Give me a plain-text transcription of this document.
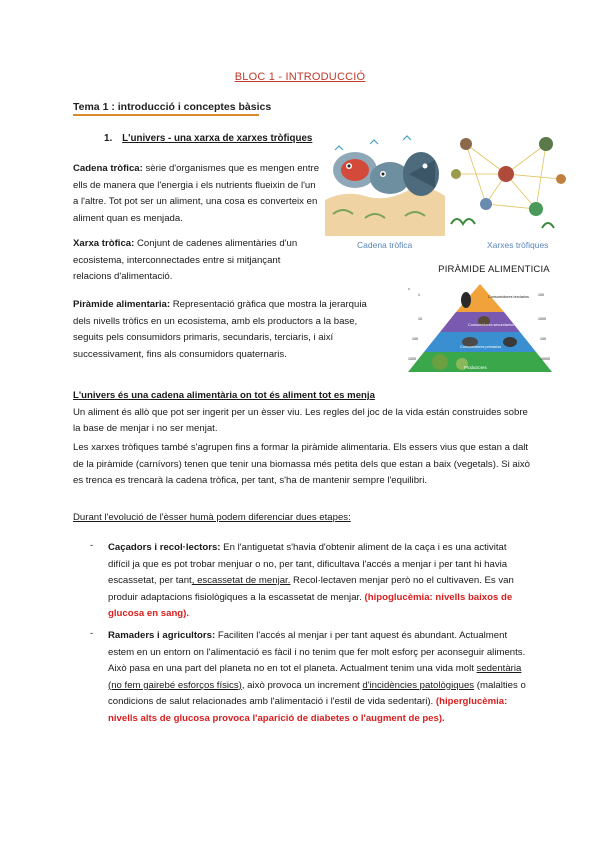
BLOC 1 - INTRODUCCIÓ
Tema 1 : introducció i conceptes bàsics
1. L'univers - una xarxa de xarxes tròfiques
Cadena tròfica: sèrie d'organismes que es mengen entre ells de manera que l'energia i els nutrients flueixin de l'un a l'altre. Tot pot ser un aliment, una cosa es converteix en aliment quan es menjada.
Xarxa tròfica: Conjunt de cadenes alimentàries d'un ecosistema, interconnectades entre si mitjançant relacions d'alimentació.
Piràmide alimentaria: Representació gràfica que mostra la jerarquia dels nivells tròfics en un ecosistema, amb els productors a la base, seguits pels consumidors primaris, secundaris, terciaris, i així successivament, fins als consumidors quaternaris.
Cadena tròfica	Xarxes tròfiques
PIRÀMIDE ALIMENTICIA
x
1
10
100
1000
100
1000
100
10000
Consumidores terciarios
Consumidores secundarios
Consumidores primarios
Productores
L'univers és una cadena alimentària on tot és aliment tot es menja
Un aliment és allò que pot ser ingerit per un èsser viu. Les regles del joc de la vida están construides sobre la base de menjar i no ser menjat.
Les xarxes tròfiques també s'agrupen fins a formar la piràmide alimentaria. Els essers vius que estan a dalt de la piràmide (carnívors) tenen que tenir una biomassa més petita dels que estan a baix (vegetals). Si això es trenca es trencarà la cadena tròfica, per tant, s'ha de mantenir sempre l'equilibri.
Durant l'evolució de l'èsser humà podem diferenciar dues etapes:
- Caçadors i recol·lectors: En l'antiguetat s'havia d'obtenir aliment de la caça i es una activitat difícil ja que es pot trobar menjuar o no, per tant, dificultava l'accés a menjar i per tant hi havia escassetat, per tant, escassetat de menjar. Recol·lectaven menjar però no el cultivaven. Es van produir adaptacions fisiològiques a la escassetat de menjar. (hipoglucèmia: nivells baixos de glucosa en sang).
- Ramaders i agricultors: Faciliten l'accés al menjar i per tant aquest és abundant. Actualment estem en un entorn on l'alimentació es fàcil i no tenim que fer molt esforç per aconseguir aliments. Això pasa en una part del planeta no en tot el planeta. Actualment tenim una vida molt sedentària (no fem gairebé esforços físics), això provoca un increment d'incidències patològiques (malalties o condicions de salut relacionades amb l'alimentació i l'estil de vida sedentari). (hiperglucèmia: nivells alts de glucosa provoca l'aparició de diabetes o l'augment de pes).
